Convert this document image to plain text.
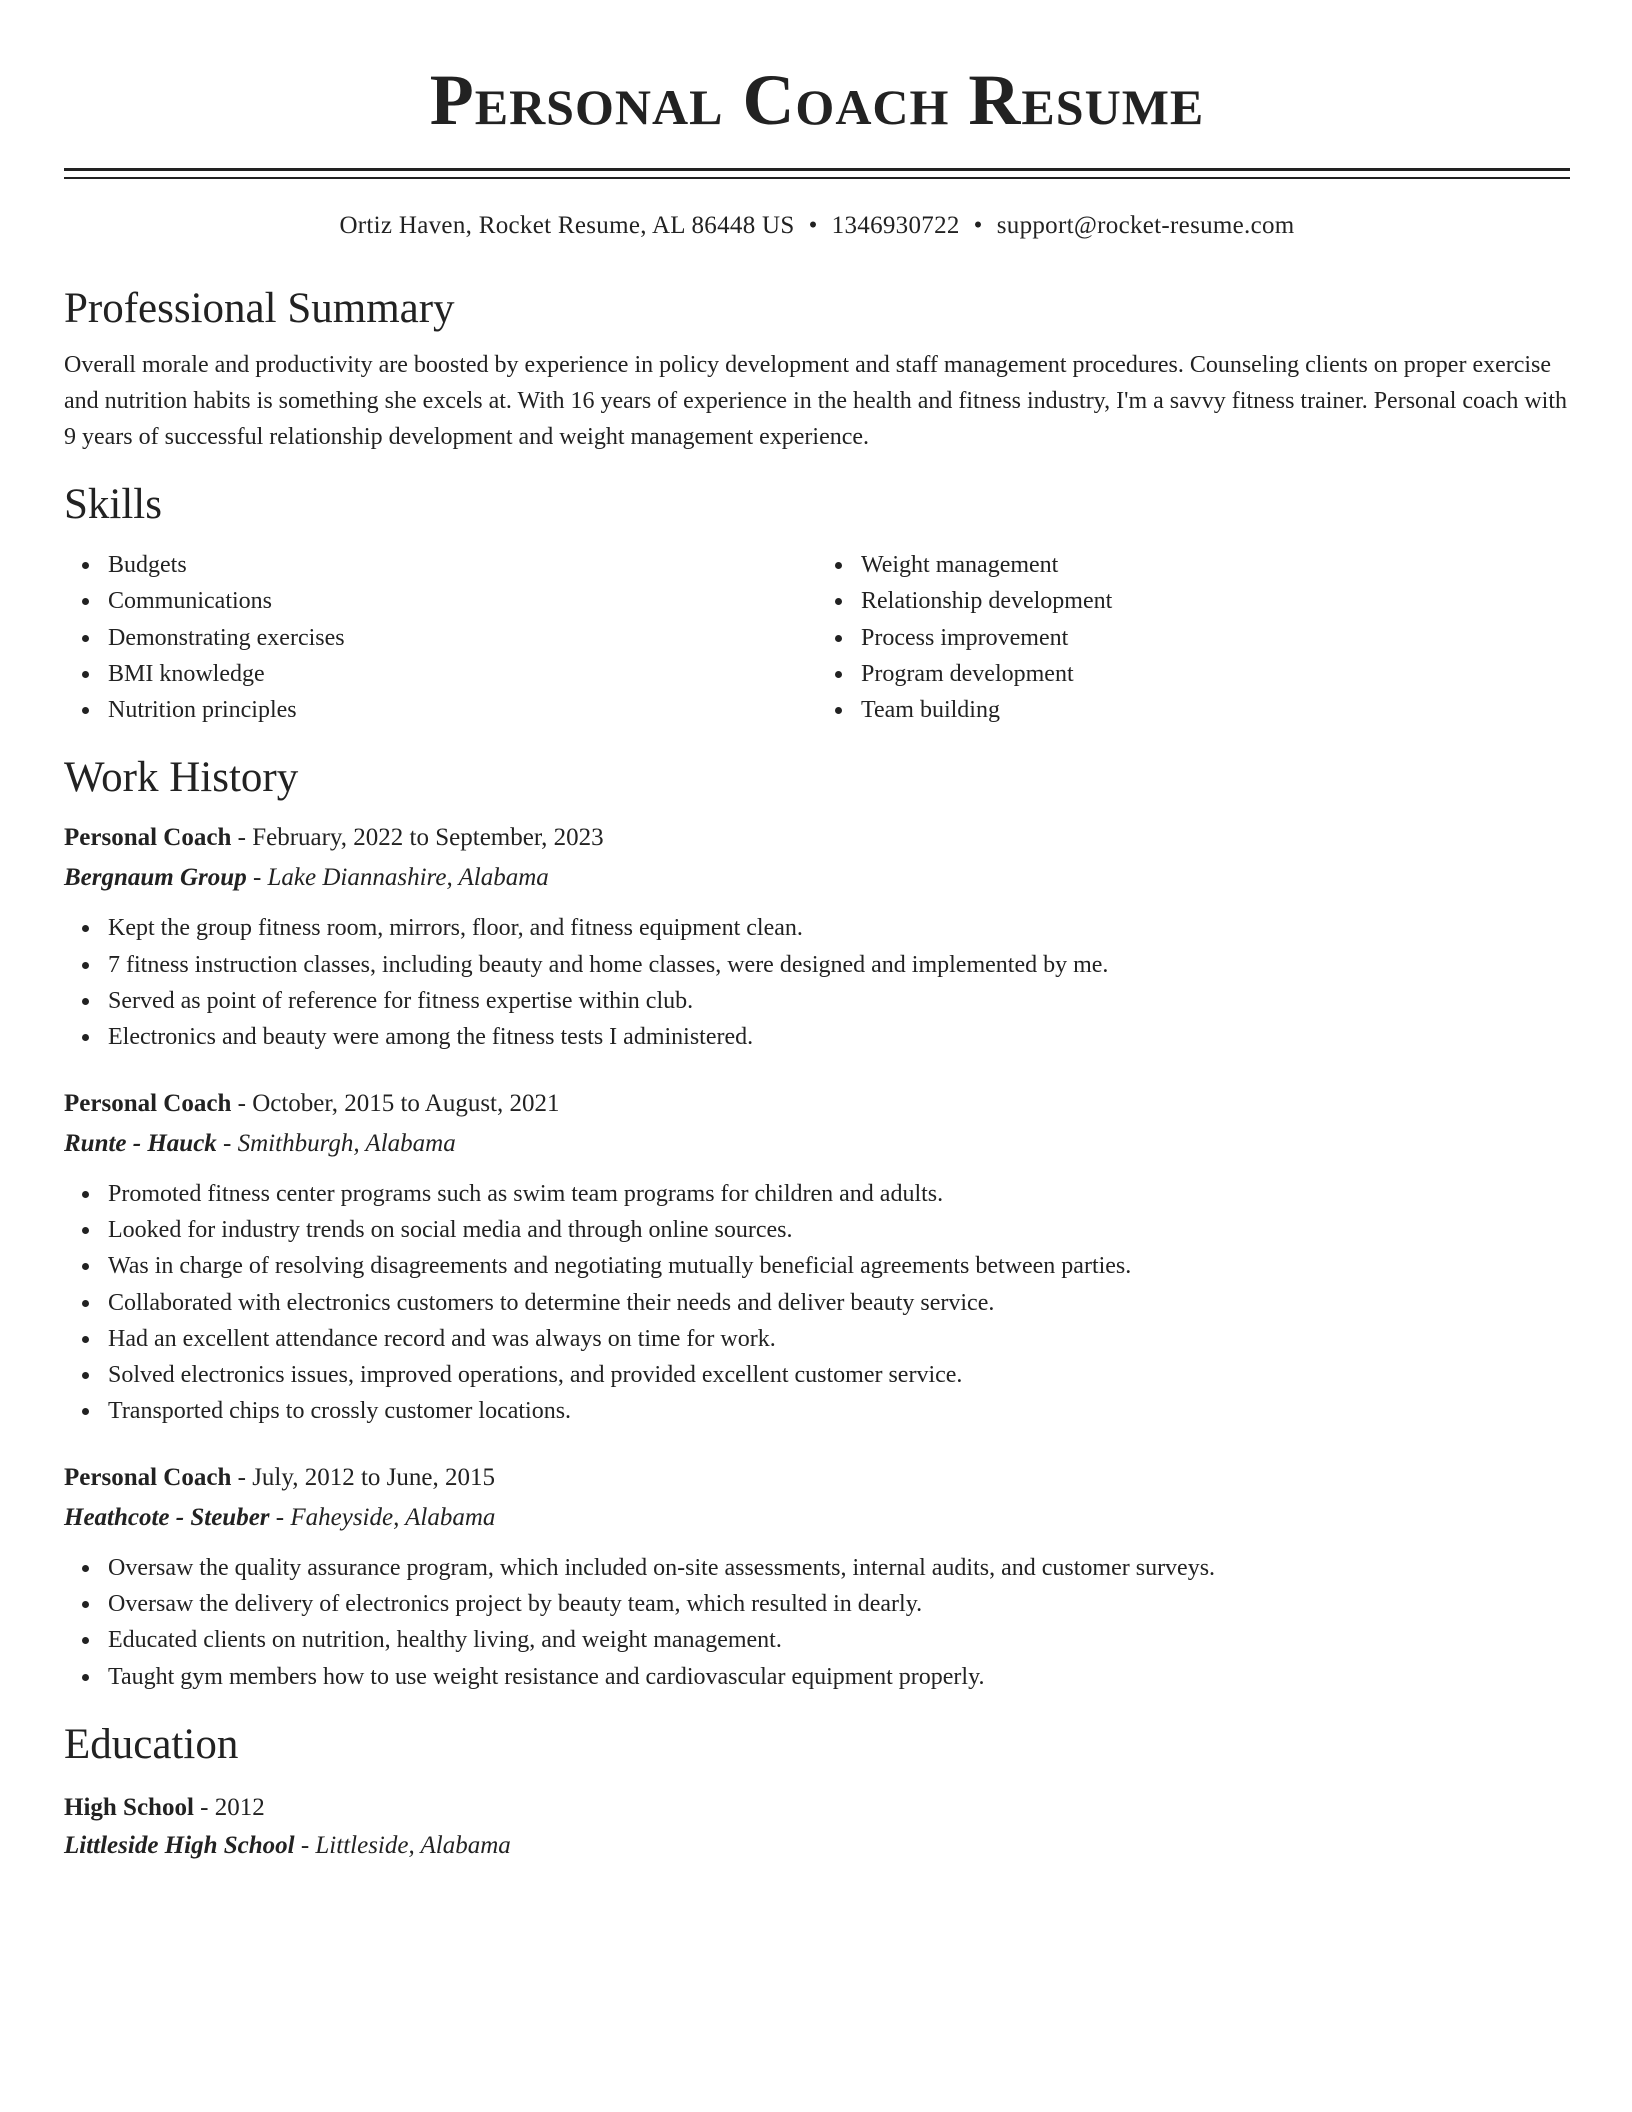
Personal Coach Resume
Ortiz Haven, Rocket Resume, AL 86448 US • 1346930722 • support@rocket-resume.com
Professional Summary

Overall morale and productivity are boosted by experience in policy development and staff management procedures. Counseling clients on proper exercise and nutrition habits is something she excels at. With 16 years of experience in the health and fitness industry, I'm a savvy fitness trainer. Personal coach with 9 years of successful relationship development and weight management experience.

Skills
Budgets
Communications
Demonstrating exercises
BMI knowledge
Nutrition principles
Weight management
Relationship development
Process improvement
Program development
Team building
Work History
Personal Coach - February, 2022 to September, 2023
Bergnaum Group - Lake Diannashire, Alabama
Kept the group fitness room, mirrors, floor, and fitness equipment clean.
7 fitness instruction classes, including beauty and home classes, were designed and implemented by me.
Served as point of reference for fitness expertise within club.
Electronics and beauty were among the fitness tests I administered.
Personal Coach - October, 2015 to August, 2021
Runte - Hauck - Smithburgh, Alabama
Promoted fitness center programs such as swim team programs for children and adults.
Looked for industry trends on social media and through online sources.
Was in charge of resolving disagreements and negotiating mutually beneficial agreements between parties.
Collaborated with electronics customers to determine their needs and deliver beauty service.
Had an excellent attendance record and was always on time for work.
Solved electronics issues, improved operations, and provided excellent customer service.
Transported chips to crossly customer locations.
Personal Coach - July, 2012 to June, 2015
Heathcote - Steuber - Faheyside, Alabama
Oversaw the quality assurance program, which included on-site assessments, internal audits, and customer surveys.
Oversaw the delivery of electronics project by beauty team, which resulted in dearly.
Educated clients on nutrition, healthy living, and weight management.
Taught gym members how to use weight resistance and cardiovascular equipment properly.
Education
High School - 2012
Littleside High School - Littleside, Alabama
